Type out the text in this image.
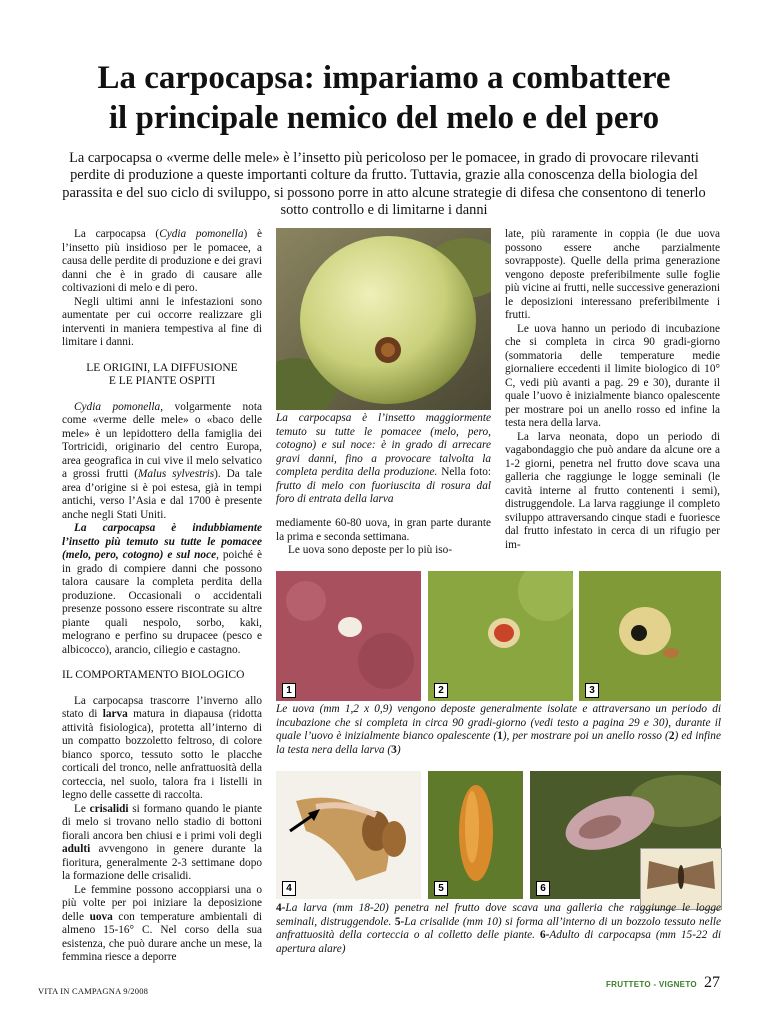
La carpocapsa: impariamo a combattere
il principale nemico del melo e del pero
La carpocapsa o «verme delle mele» è l’insetto più pericoloso per le pomacee, in grado di provocare rilevanti perdite di produzione a queste importanti colture da frutto. Tuttavia, grazie alla conoscenza della biologia del parassita e del suo ciclo di sviluppo, si possono porre in atto alcune strategie di difesa che consentono di tenerlo sotto controllo e di limitarne i danni

La carpocapsa (Cydia pomonella) è l’insetto più insidioso per le pomacee, a causa delle perdite di produzione e dei gravi danni che è in grado di causare alle coltivazioni di melo e di pero.

Negli ultimi anni le infestazioni sono aumentate per cui occorre realizzare gli interventi in maniera tempestiva al fine di limitare i danni.

LE ORIGINI, LA DIFFUSIONE
E LE PIANTE OSPITI

Cydia pomonella, volgarmente nota come «verme delle mele» o «baco delle mele» è un lepidottero della famiglia dei Tortricidi, originario del centro Europa, area geografica in cui vive il melo selvatico a grossi frutti (Malus sylvestris). Da tale area d’origine si è poi estesa, già in tempi antichi, verso l’Asia e dal 1700 è presente anche negli Stati Uniti.

La carpocapsa è indubbiamente l’insetto più temuto su tutte le pomacee (melo, pero, cotogno) e sul noce, poiché è in grado di compiere danni che possono talora causare la completa perdita della produzione. Occasionali o accidentali presenze possono essere riscontrate su altre piante quali nespolo, sorbo, kaki, melograno e perfino su drupacee (pesco e albicocco), arancio, ciliegio e castagno.

IL COMPORTAMENTO BIOLOGICO

La carpocapsa trascorre l’inverno allo stato di larva matura in diapausa (ridotta attività fisiologica), protetta all’interno di un compatto bozzoletto feltroso, di colore bianco sporco, tessuto sotto le placche corticali del tronco, nelle anfrattuosità della corteccia, nel suolo, talora fra i listelli in legno delle cassette di raccolta.

Le crisalidi si formano quando le piante di melo si trovano nello stadio di bottoni fiorali ancora ben chiusi e i primi voli degli adulti avvengono in genere durante la fioritura, generalmente 2-3 settimane dopo la formazione delle crisalidi.

Le femmine possono accoppiarsi una o più volte per poi iniziare la deposizione delle uova con temperature ambientali di almeno 15-16° C. Nel corso della sua esistenza, che può durare anche un mese, la femmina riesce a deporre

La carpocapsa è l’insetto maggiormente temuto su tutte le pomacee (melo, pero, cotogno) e sul noce: è in grado di arrecare gravi danni, fino a provocare talvolta la completa perdita della produzione. Nella foto: frutto di melo con fuoriuscita di rosura dal foro di entrata della larva

mediamente 60-80 uova, in gran parte durante la prima e seconda settimana.

Le uova sono deposte per lo più iso-

late, più raramente in coppia (le due uova possono essere anche parzialmente sovrapposte). Quelle della prima generazione vengono deposte preferibilmente sulle foglie più vicine ai frutti, nelle successive generazioni le deposizioni interessano preferibilmente i frutti.

Le uova hanno un periodo di incubazione che si completa in circa 90 gradi-giorno (sommatoria delle temperature medie giornaliere eccedenti il limite biologico di 10° C, vedi più avanti a pag. 29 e 30), durante il quale l’uovo è inizialmente bianco opalescente per mostrare poi un anello rosso ed infine la testa nera della larva.

La larva neonata, dopo un periodo di vagabondaggio che può andare da alcune ore a 1-2 giorni, penetra nel frutto dove scava una galleria che raggiunge le logge seminali (le cavità interne al frutto contenenti i semi), distruggendole. La larva raggiunge il completo sviluppo attraversando cinque stadi e fuoriesce dal frutto infestato in cerca di un rifugio per im-

1	2	3
Le uova (mm 1,2 x 0,9) vengono deposte generalmente isolate e attraversano un periodo di incubazione che si completa in circa 90 gradi-giorno (vedi testo a pagina 29 e 30), durante il quale l’uovo è inizialmente bianco opalescente (1), per mostrare poi un anello rosso (2) ed infine la testa nera della larva (3)
4	5	6
4-La larva (mm 18-20) penetra nel frutto dove scava una galleria che raggiunge le logge seminali, distruggendole. 5-La crisalide (mm 10) si forma all’interno di un bozzolo tessuto nelle anfrattuosità della corteccia o al colletto delle piante. 6-Adulto di carpocapsa (mm 15-22 di apertura alare)
VITA IN CAMPAGNA 9/2008
FRUTTETO - VIGNETO 27
